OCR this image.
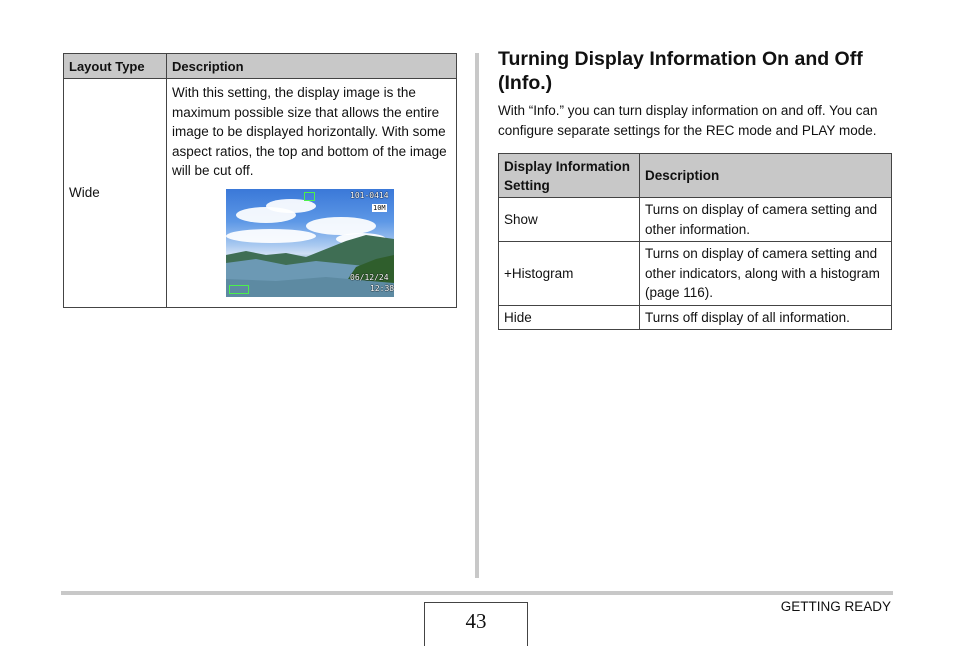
Layout Type	Description
Wide	With this setting, the display image is the maximum possible size that allows the entire image to be displayed horizontally. With some aspect ratios, the top and bottom of the image will be cut off.
101-0414
10M
06/12/24
12:38
Turning Display Information On and Off (Info.)
With “Info.” you can turn display information on and off. You can configure separate settings for the REC mode and PLAY mode.
Display Information Setting	Description
Show	Turns on display of camera setting and other information.
+Histogram	Turns on display of camera setting and other indicators, along with a histogram (page 116).
Hide	Turns off display of all information.
43
GETTING READY
